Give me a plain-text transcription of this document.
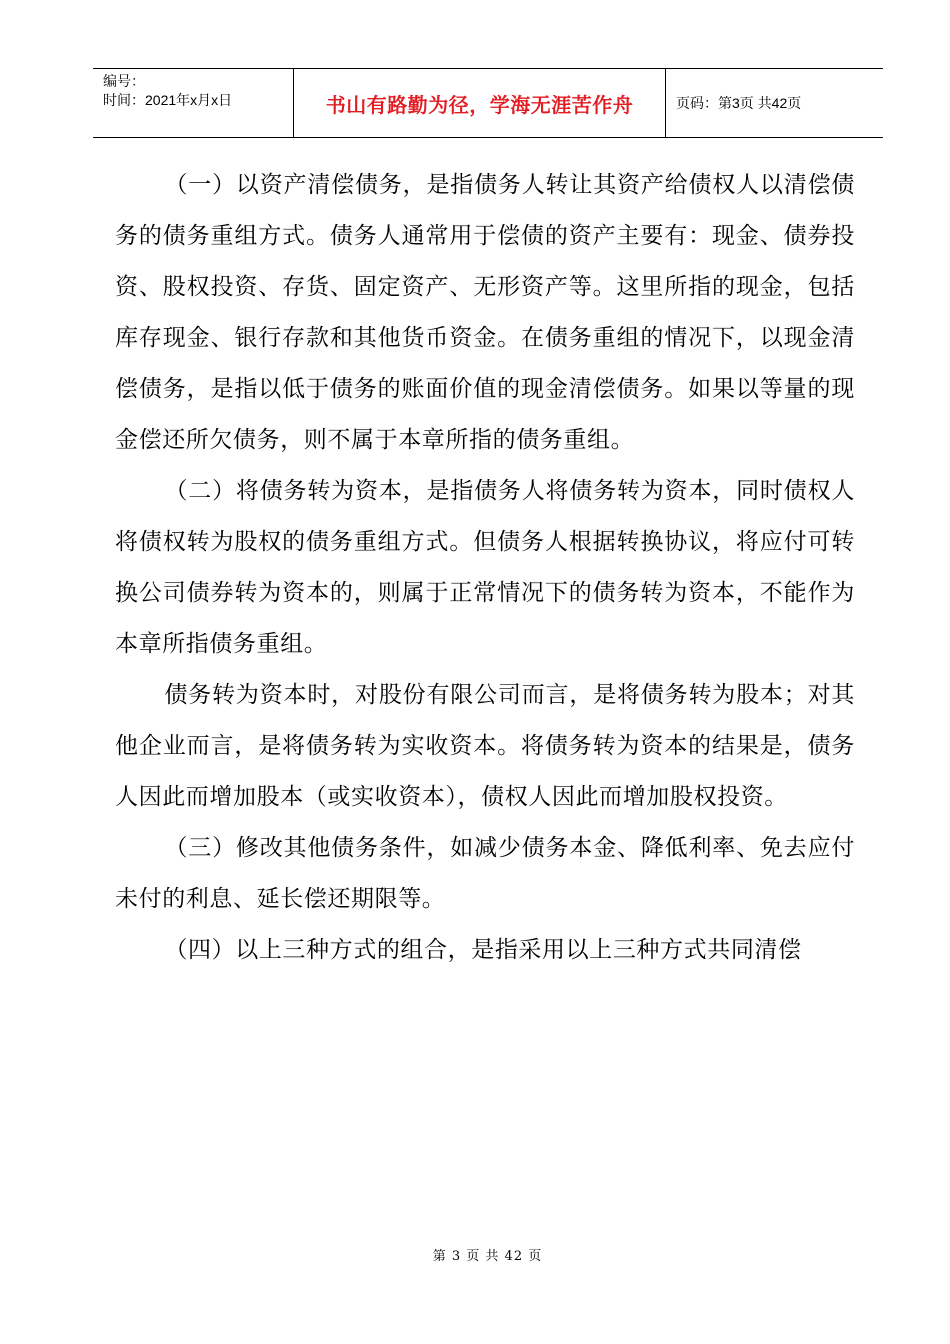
编号：
时间：2021年x月x日	书山有路勤为径，学海无涯苦作舟	页码：第3页 共42页

（一）以资产清偿债务，是指债务人转让其资产给债权人以清偿债务的债务重组方式。债务人通常用于偿债的资产主要有：现金、债券投资、股权投资、存货、固定资产、无形资产等。这里所指的现金，包括库存现金、银行存款和其他货币资金。在债务重组的情况下，以现金清偿债务，是指以低于债务的账面价值的现金清偿债务。如果以等量的现金偿还所欠债务，则不属于本章所指的债务重组。

（二）将债务转为资本，是指债务人将债务转为资本，同时债权人将债权转为股权的债务重组方式。但债务人根据转换协议，将应付可转换公司债券转为资本的，则属于正常情况下的债务转为资本，不能作为本章所指债务重组。

债务转为资本时，对股份有限公司而言，是将债务转为股本；对其他企业而言，是将债务转为实收资本。将债务转为资本的结果是，债务人因此而增加股本（或实收资本），债权人因此而增加股权投资。

（三）修改其他债务条件，如减少债务本金、降低利率、免去应付未付的利息、延长偿还期限等。

（四）以上三种方式的组合，是指采用以上三种方式共同清偿

第 3 页 共 42 页
